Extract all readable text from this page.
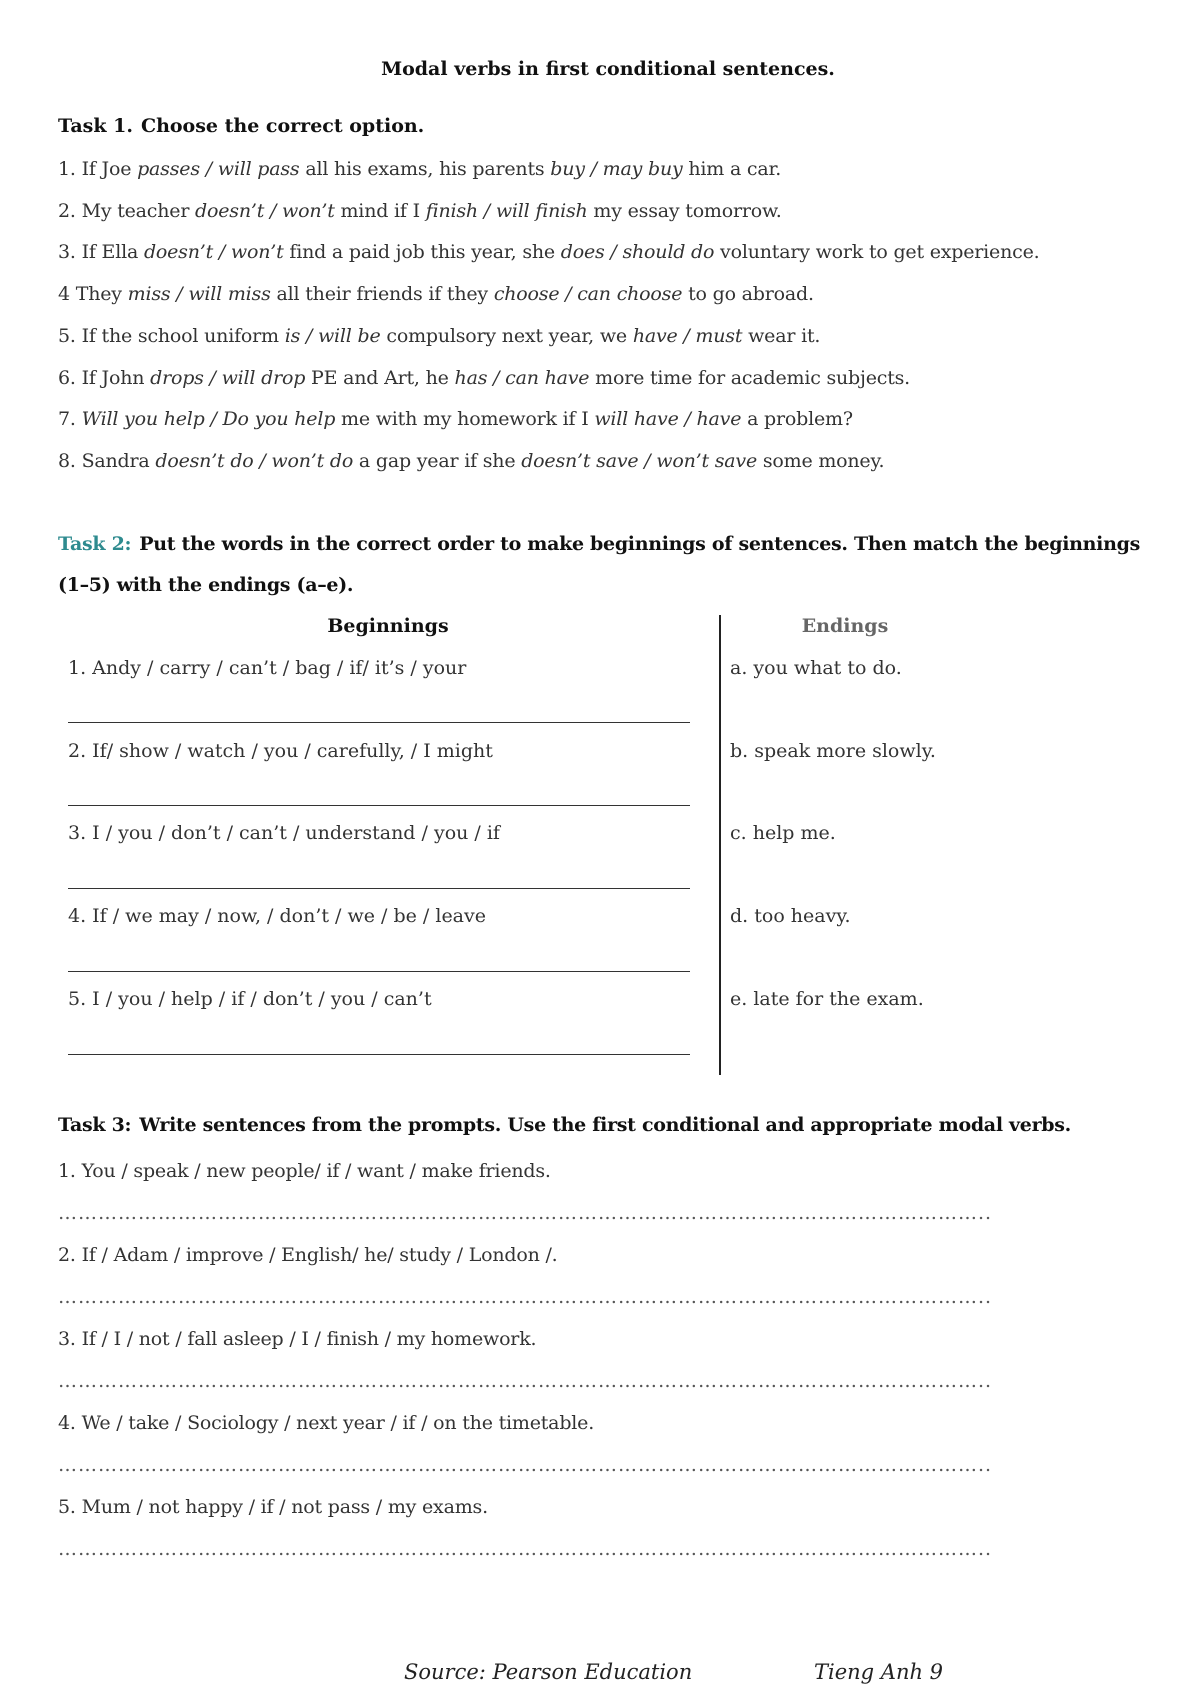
Modal verbs in first conditional sentences.
Task 1. Choose the correct option.
1. If Joe passes / will pass all his exams, his parents buy / may buy him a car.
2. My teacher doesn’t / won’t mind if I finish / will finish my essay tomorrow.
3. If Ella doesn’t / won’t find a paid job this year, she does / should do voluntary work to get experience.
4 They miss / will miss all their friends if they choose / can choose to go abroad.
5. If the school uniform is / will be compulsory next year, we have / must wear it.
6. If John drops / will drop PE and Art, he has / can have more time for academic subjects.
7. Will you help / Do you help me with my homework if I will have / have a problem?
8. Sandra doesn’t do / won’t do a gap year if she doesn’t save / won’t save some money.
Task 2: Put the words in the correct order to make beginnings of sentences. Then match the beginnings (1–5) with the endings (a–e).
Beginnings
1. Andy / carry / can’t / bag / if/ it’s / your
2. If/ show / watch / you / carefully, / I might
3. I / you / don’t / can’t / understand / you / if
4. If / we may / now, / don’t / we / be / leave
5. I / you / help / if / don’t / you / can’t
Endings
a. you what to do.
b. speak more slowly.
c. help me.
d. too heavy.
e. late for the exam.
Task 3: Write sentences from the prompts. Use the first conditional and appropriate modal verbs.
1. You / speak / new people/ if / want / make friends.
…………………………………………………………………………………………………………………………..
2. If / Adam / improve / English/ he/ study / London /.
…………………………………………………………………………………………………………………………..
3. If / I / not / fall asleep / I / finish / my homework.
…………………………………………………………………………………………………………………………..
4. We / take / Sociology / next year / if / on the timetable.
…………………………………………………………………………………………………………………………..
5. Mum / not happy / if / not pass / my exams.
…………………………………………………………………………………………………………………………..
Source: Pearson Education	Tieng Anh 9
